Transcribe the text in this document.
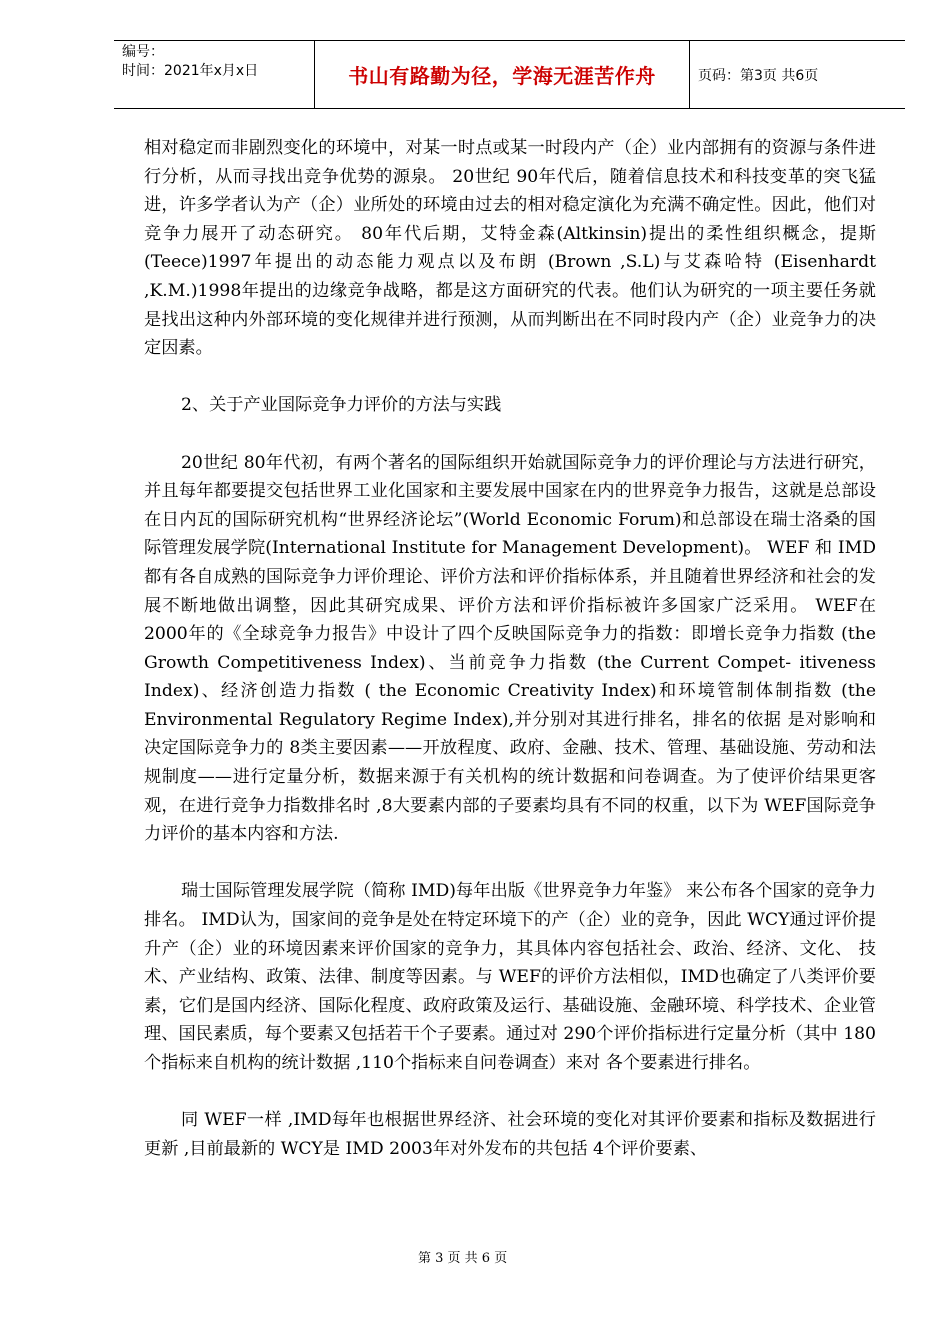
编号：
时间：2021年x月x日	书山有路勤为径，学海无涯苦作舟	页码：第3页 共6页

相对稳定而非剧烈变化的环境中，对某一时点或某一时段内产（企）业内部拥有的资源与条件进行分析，从而寻找出竞争优势的源泉。 20世纪 90年代后，随着信息技术和科技变革的突飞猛进，许多学者认为产（企）业所处的环境由过去的相对稳定演化为充满不确定性。因此，他们对竞争力展开了动态研究。 80年代后期，艾特金森(Altkinsin)提出的柔性组织概念，提斯 (Teece)1997年提出的动态能力观点以及布朗 (Brown ,S.L)与艾森哈特 (Eisenhardt ,K.M.)1998年提出的边缘竞争战略，都是这方面研究的代表。他们认为研究的一项主要任务就是找出这种内外部环境的变化规律并进行预测，从而判断出在不同时段内产（企）业竞争力的决定因素。

2、关于产业国际竞争力评价的方法与实践

20世纪 80年代初，有两个著名的国际组织开始就国际竞争力的评价理论与方法进行研究，并且每年都要提交包括世界工业化国家和主要发展中国家在内的世界竞争力报告，这就是总部设在日内瓦的国际研究机构“世界经济论坛”(World Economic Forum)和总部设在瑞士洛桑的国际管理发展学院(International Institute for Management Development)。 WEF 和 IMD都有各自成熟的国际竞争力评价理论、评价方法和评价指标体系，并且随着世界经济和社会的发展不断地做出调整，因此其研究成果、评价方法和评价指标被许多国家广泛采用。 WEF在 2000年的《全球竞争力报告》中设计了四个反映国际竞争力的指数：即增长竞争力指数 (the Growth Competitiveness Index)、当前竞争力指数 (the Current Compet- itiveness Index)、经济创造力指数 ( the Economic Creativity Index)和环境管制体制指数 (the Environmental Regulatory Regime Index),并分别对其进行排名，排名的依据 是对影响和决定国际竞争力的 8类主要因素——开放程度、政府、金融、技术、管理、基础设施、劳动和法规制度——进行定量分析，数据来源于有关机构的统计数据和问卷调查。为了使评价结果更客观，在进行竞争力指数排名时 ,8大要素内部的子要素均具有不同的权重，以下为 WEF国际竞争力评价的基本内容和方法.

瑞士国际管理发展学院（简称 IMD)每年出版《世界竞争力年鉴》 来公布各个国家的竞争力排名。 IMD认为，国家间的竞争是处在特定环境下的产（企）业的竞争，因此 WCY通过评价提升产（企）业的环境因素来评价国家的竞争力，其具体内容包括社会、政治、经济、文化、 技术、产业结构、政策、法律、制度等因素。与 WEF的评价方法相似，IMD也确定了八类评价要素，它们是国内经济、国际化程度、政府政策及运行、基础设施、金融环境、科学技术、企业管理、国民素质，每个要素又包括若干个子要素。通过对 290个评价指标进行定量分析（其中 180个指标来自机构的统计数据 ,110个指标来自问卷调查）来对 各个要素进行排名。

同 WEF一样 ,IMD每年也根据世界经济、社会环境的变化对其评价要素和指标及数据进行更新 ,目前最新的 WCY是 IMD 2003年对外发布的共包括 4个评价要素、

第 3 页 共 6 页
